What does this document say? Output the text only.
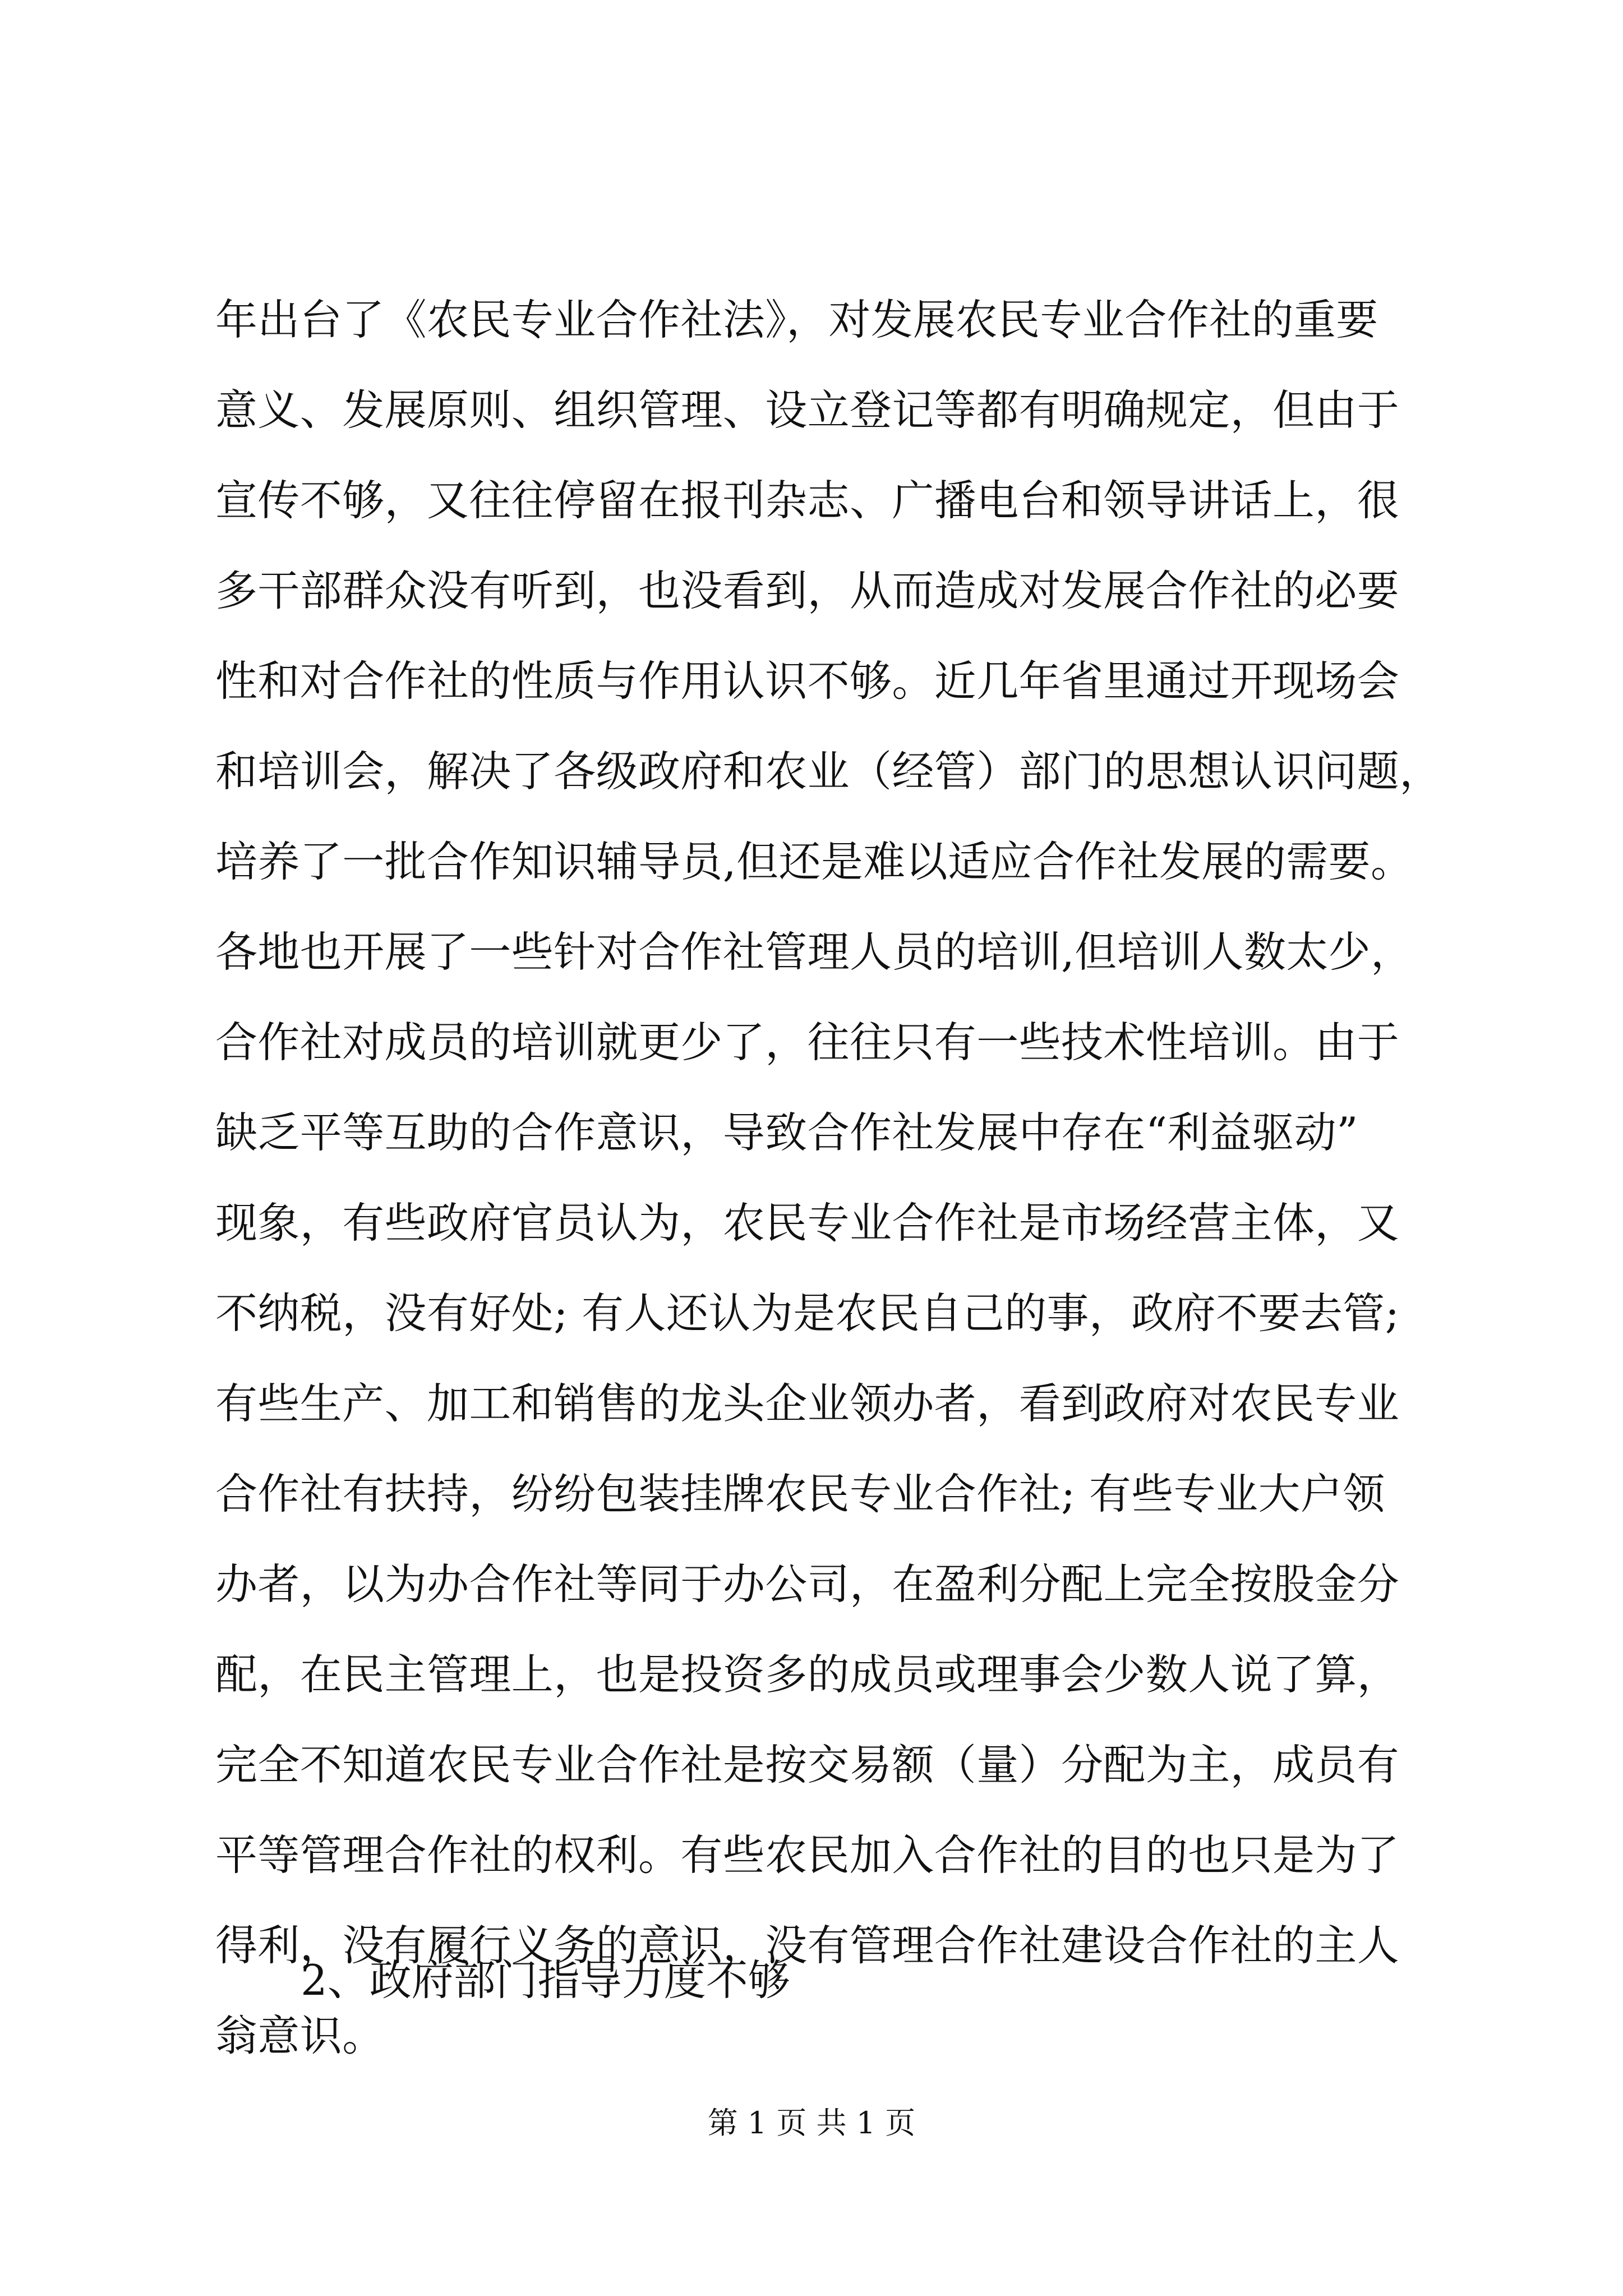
年出台了《农民专业合作社法》，对发展农民专业合作社的重要
意义、发展原则、组织管理、设立登记等都有明确规定，但由于
宣传不够，又往往停留在报刊杂志、广播电台和领导讲话上，很
多干部群众没有听到，也没看到，从而造成对发展合作社的必要
性和对合作社的性质与作用认识不够。近几年省里通过开现场会
和培训会，解决了各级政府和农业（经管）部门的思想认识问题，
培养了一批合作知识辅导员,但还是难以适应合作社发展的需要。
各地也开展了一些针对合作社管理人员的培训,但培训人数太少，
合作社对成员的培训就更少了，往往只有一些技术性培训。由于
缺乏平等互助的合作意识，导致合作社发展中存在“利益驱动”
现象，有些政府官员认为，农民专业合作社是市场经营主体，又
不纳税，没有好处; 有人还认为是农民自己的事，政府不要去管;
有些生产、加工和销售的龙头企业领办者，看到政府对农民专业
合作社有扶持，纷纷包装挂牌农民专业合作社; 有些专业大户领
办者，以为办合作社等同于办公司，在盈利分配上完全按股金分
配，在民主管理上，也是投资多的成员或理事会少数人说了算，
完全不知道农民专业合作社是按交易额（量）分配为主，成员有
平等管理合作社的权利。有些农民加入合作社的目的也只是为了
得利，没有履行义务的意识，没有管理合作社建设合作社的主人
翁意识。
2、政府部门指导力度不够
第 1 页 共 1 页
